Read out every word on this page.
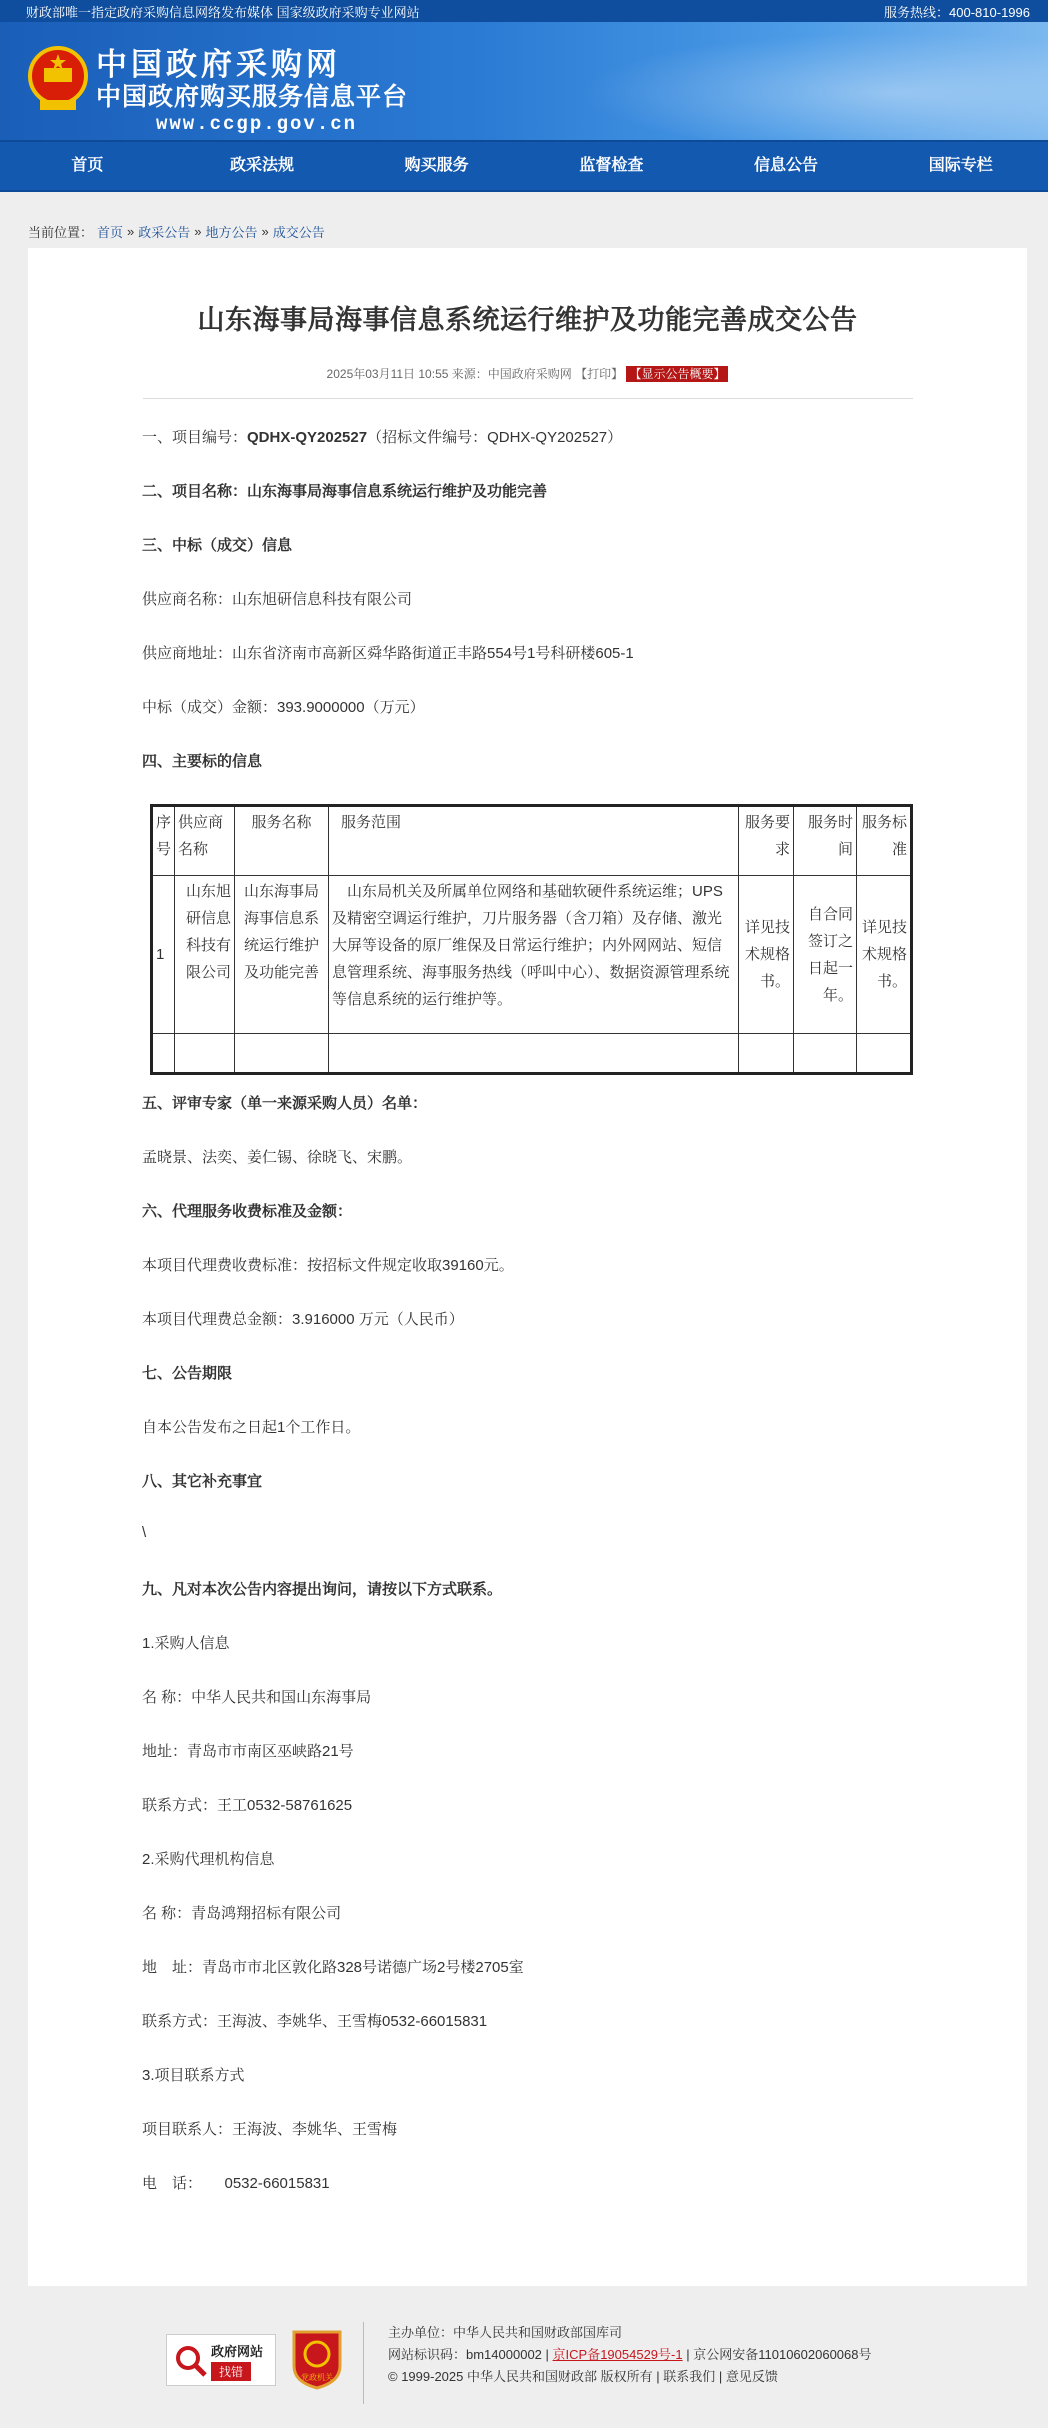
财政部唯一指定政府采购信息网络发布媒体 国家级政府采购专业网站	服务热线：400-810-1996
中国政府采购网
中国政府购买服务信息平台
www.ccgp.gov.cn
首页	政采法规	购买服务	监督检查	信息公告	国际专栏
当前位置： 首页 » 政采公告 » 地方公告 » 成交公告
山东海事局海事信息系统运行维护及功能完善成交公告
2025年03月11日 10:55 来源：中国政府采购网 【打印】 【显示公告概要】
一、项目编号：QDHX-QY202527（招标文件编号：QDHX-QY202527）
二、项目名称：山东海事局海事信息系统运行维护及功能完善
三、中标（成交）信息
供应商名称：山东旭研信息科技有限公司
供应商地址：山东省济南市高新区舜华路街道正丰路554号1号科研楼605-1
中标（成交）金额：393.9000000（万元）
四、主要标的信息
序号	供应商名称	服务名称	服务范围	服务要求	服务时间	服务标准
1	山东旭研信息科技有限公司	山东海事局海事信息系统运行维护及功能完善	山东局机关及所属单位网络和基础软硬件系统运维；UPS及精密空调运行维护，刀片服务器（含刀箱）及存储、激光大屏等设备的原厂维保及日常运行维护；内外网网站、短信息管理系统、海事服务热线（呼叫中心）、数据资源管理系统等信息系统的运行维护等。	详见技术规格书。	自合同签订之日起一年。	详见技术规格书。

五、评审专家（单一来源采购人员）名单：
孟晓景、法奕、姜仁锡、徐晓飞、宋鹏。
六、代理服务收费标准及金额：
本项目代理费收费标准：按招标文件规定收取39160元。
本项目代理费总金额：3.916000 万元（人民币）
七、公告期限
自本公告发布之日起1个工作日。
八、其它补充事宜
\
九、凡对本次公告内容提出询问，请按以下方式联系。
1.采购人信息
名 称：中华人民共和国山东海事局
地址：青岛市市南区巫峡路21号
联系方式：王工0532-58761625
2.采购代理机构信息
名 称：青岛鸿翔招标有限公司
地　址：青岛市市北区敦化路328号诺德广场2号楼2705室
联系方式：王海波、李姚华、王雪梅0532-66015831
3.项目联系方式
项目联系人：王海波、李姚华、王雪梅
电　话：　　0532-66015831
政府网站
找错	党政机关
主办单位：中华人民共和国财政部国库司
网站标识码：bm14000002 | 京ICP备19054529号-1 | 京公网安备11010602060068号
© 1999-2025 中华人民共和国财政部 版权所有 | 联系我们 | 意见反馈
